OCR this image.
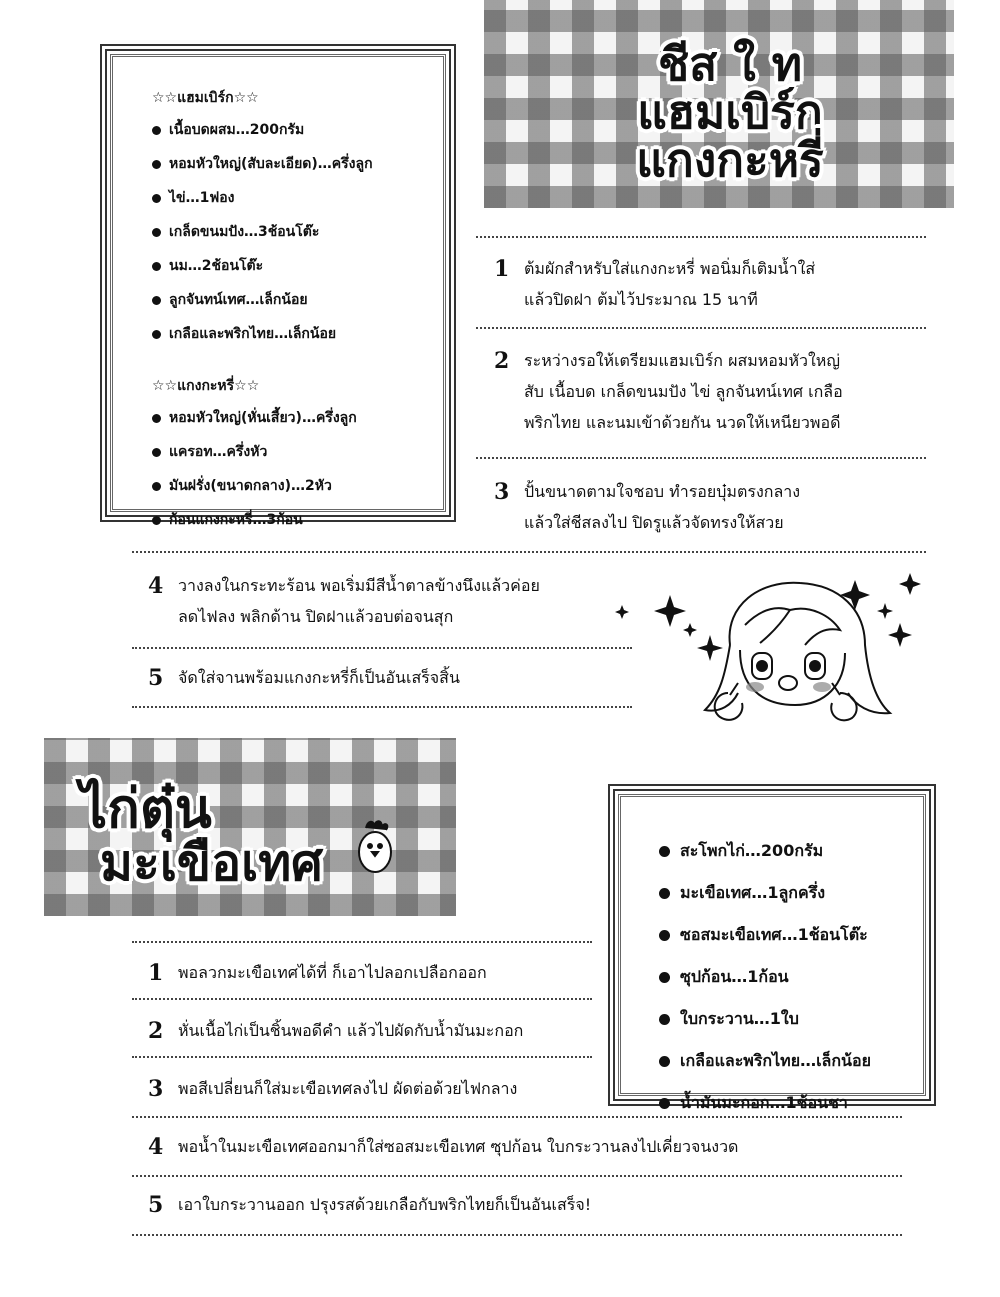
ชีส ใ ท
แฮมเบิร์ก
แกงกะหรี่
☆☆แฮมเบิร์ก☆☆
เนื้อบดผสม…200กรัม
หอมหัวใหญ่(สับละเอียด)…ครึ่งลูก
ไข่…1ฟอง
เกล็ดขนมปัง…3ช้อนโต๊ะ
นม…2ช้อนโต๊ะ
ลูกจันทน์เทศ…เล็กน้อย
เกลือและพริกไทย…เล็กน้อย
☆☆แกงกะหรี่☆☆
หอมหัวใหญ่(หั่นเสี้ยว)…ครึ่งลูก
แครอท…ครึ่งหัว
มันฝรั่ง(ขนาดกลาง)…2หัว
ก้อนแกงกะหรี่…3ก้อน
1 ต้มผักสำหรับใส่แกงกะหรี่ พอนิ่มก็เติมน้ำใส่
แล้วปิดฝา ต้มไว้ประมาณ 15 นาที
2 ระหว่างรอให้เตรียมแฮมเบิร์ก ผสมหอมหัวใหญ่
สับ เนื้อบด เกล็ดขนมปัง ไข่ ลูกจันทน์เทศ เกลือ
พริกไทย และนมเข้าด้วยกัน นวดให้เหนียวพอดี
3 ปั้นขนาดตามใจชอบ ทำรอยบุ๋มตรงกลาง
แล้วใส่ชีสลงไป ปิดรูแล้วจัดทรงให้สวย
4 วางลงในกระทะร้อน พอเริ่มมีสีน้ำตาลข้างนึงแล้วค่อย
ลดไฟลง พลิกด้าน ปิดฝาแล้วอบต่อจนสุก
5 จัดใส่จานพร้อมแกงกะหรี่ก็เป็นอันเสร็จสิ้น
ไก่ตุ๋น
มะเขือเทศ	สะโพกไก่…200กรัม
มะเขือเทศ…1ลูกครึ่ง
ซอสมะเขือเทศ…1ช้อนโต๊ะ
ซุปก้อน…1ก้อน
ใบกระวาน…1ใบ
เกลือและพริกไทย…เล็กน้อย
น้ำมันมะกอก…1ช้อนชา
1 พอลวกมะเขือเทศได้ที่ ก็เอาไปลอกเปลือกออก
2 หั่นเนื้อไก่เป็นชิ้นพอดีคำ แล้วไปผัดกับน้ำมันมะกอก
3 พอสีเปลี่ยนก็ใส่มะเขือเทศลงไป ผัดต่อด้วยไฟกลาง
4 พอน้ำในมะเขือเทศออกมาก็ใส่ซอสมะเขือเทศ ซุปก้อน ใบกระวานลงไปเคี่ยวจนงวด
5 เอาใบกระวานออก ปรุงรสด้วยเกลือกับพริกไทยก็เป็นอันเสร็จ!
